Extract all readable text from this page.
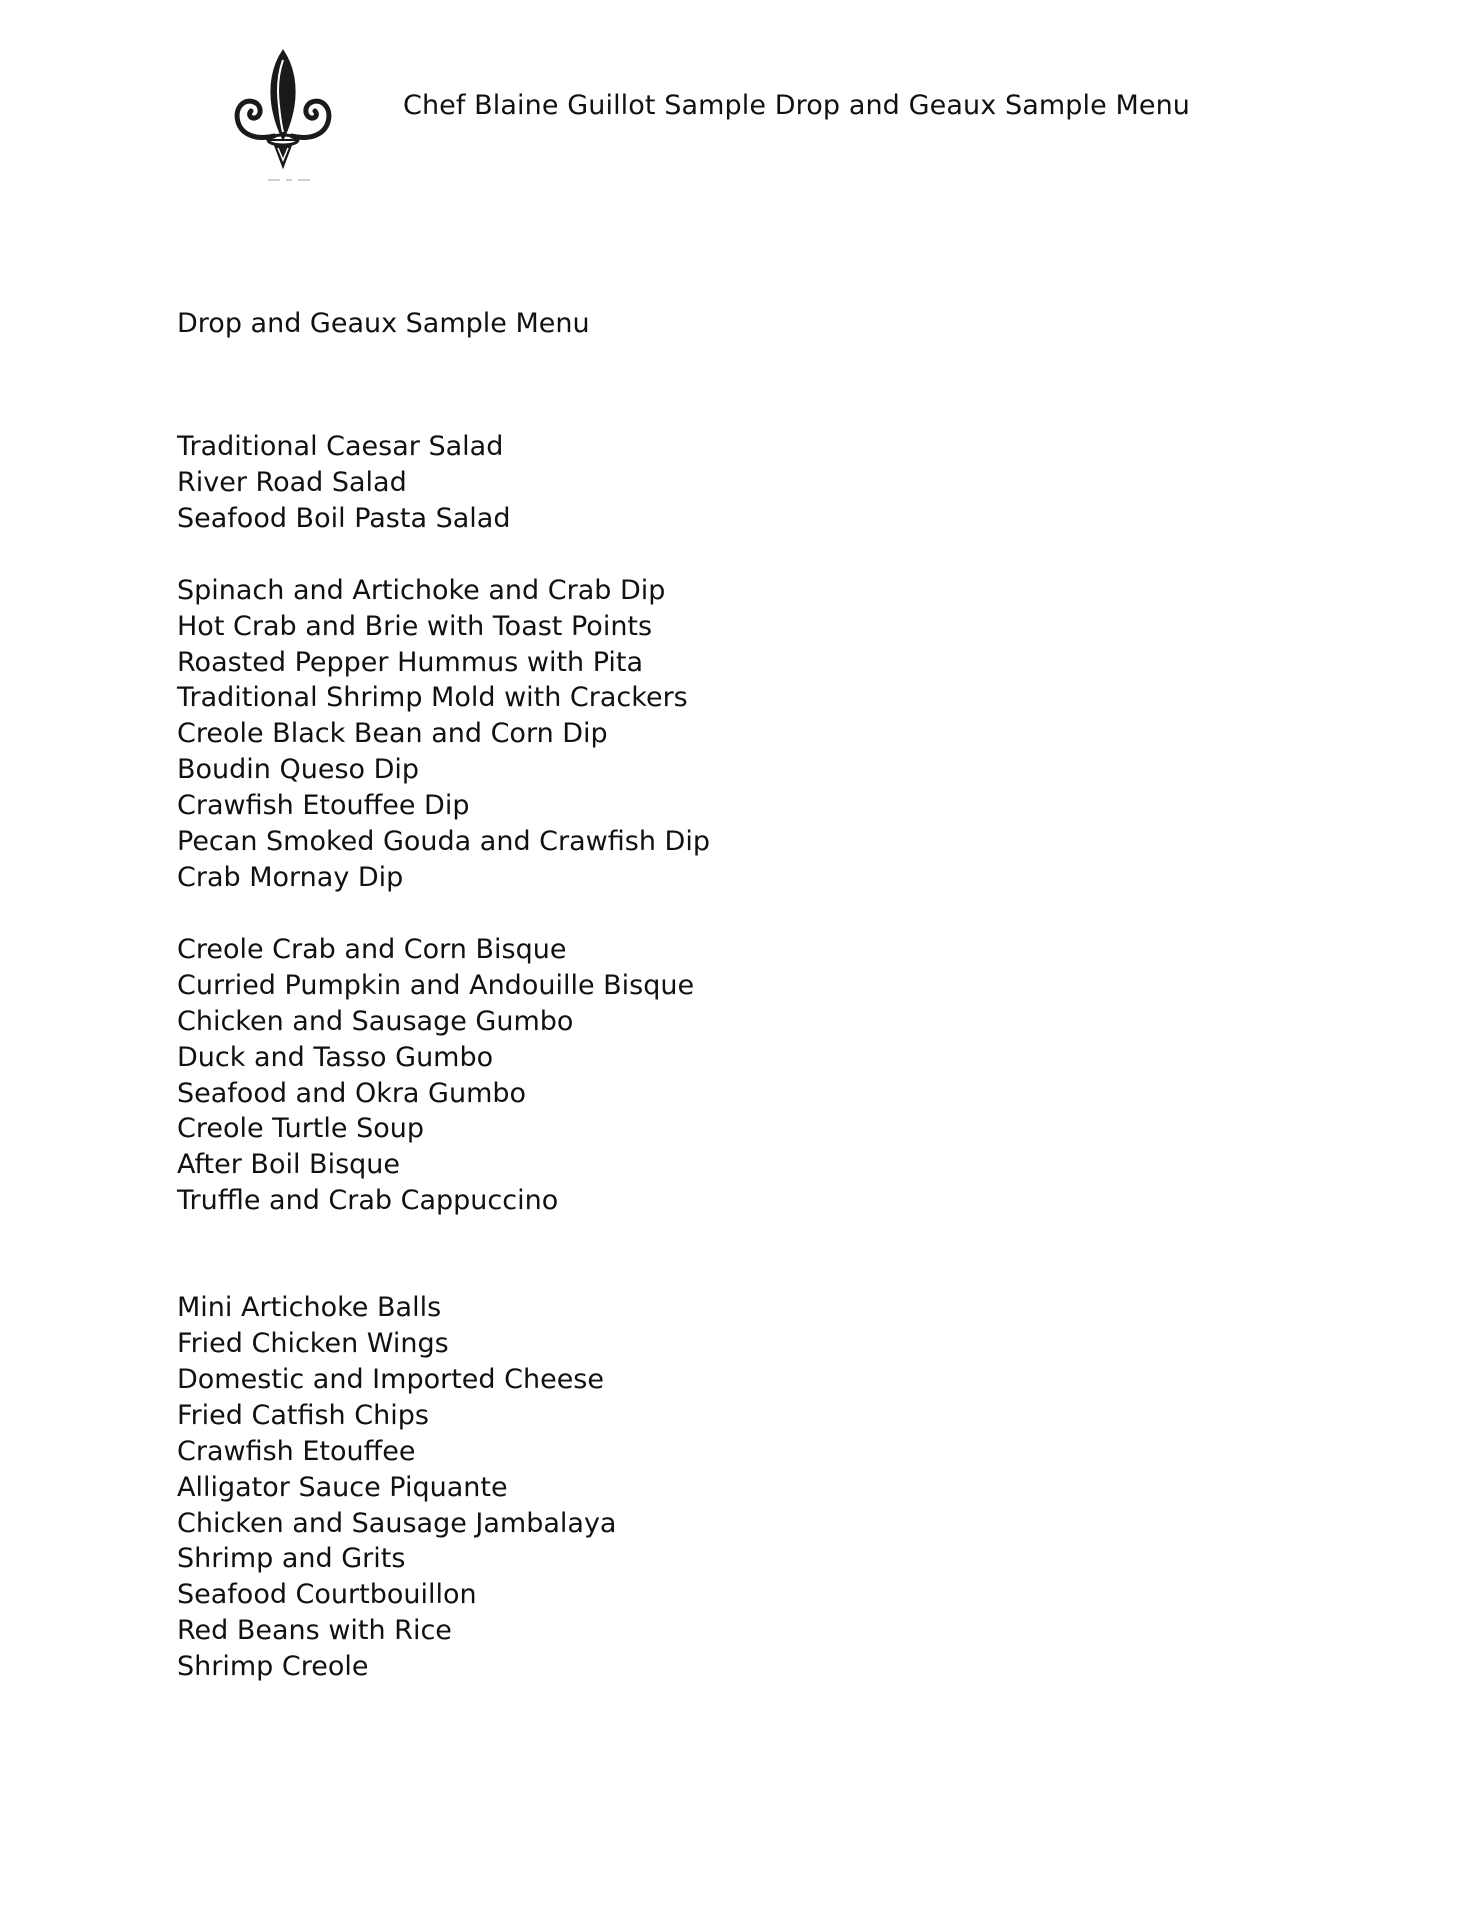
Chef Blaine Guillot Sample Drop and Geaux Sample Menu
Drop and Geaux Sample Menu
Traditional Caesar Salad
River Road Salad
Seafood Boil Pasta Salad
Spinach and Artichoke and Crab Dip
Hot Crab and Brie with Toast Points
Roasted Pepper Hummus with Pita
Traditional Shrimp Mold with Crackers
Creole Black Bean and Corn Dip
Boudin Queso Dip
Crawfish Etouffee Dip
Pecan Smoked Gouda and Crawfish Dip
Crab Mornay Dip
Creole Crab and Corn Bisque
Curried Pumpkin and Andouille Bisque
Chicken and Sausage Gumbo
Duck and Tasso Gumbo
Seafood and Okra Gumbo
Creole Turtle Soup
After Boil Bisque
Truffle and Crab Cappuccino
Mini Artichoke Balls
Fried Chicken Wings
Domestic and Imported Cheese
Fried Catfish Chips
Crawfish Etouffee
Alligator Sauce Piquante
Chicken and Sausage Jambalaya
Shrimp and Grits
Seafood Courtbouillon
Red Beans with Rice
Shrimp Creole
